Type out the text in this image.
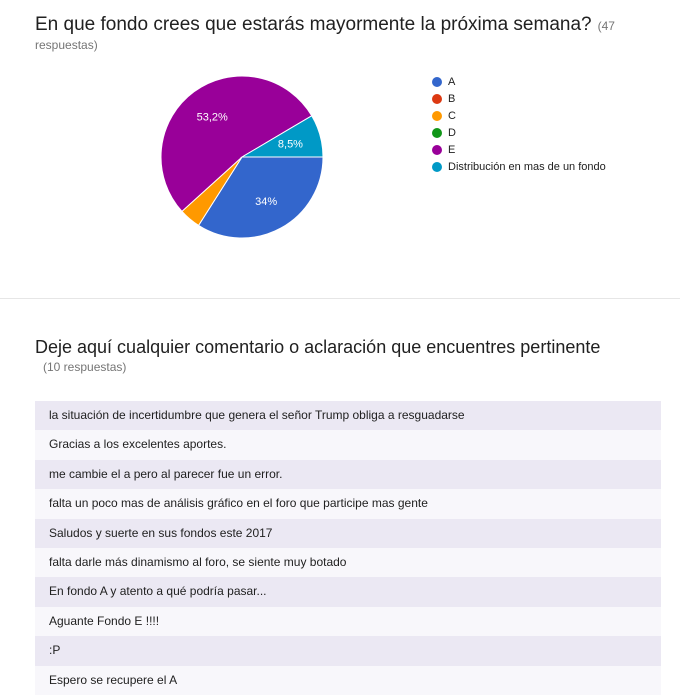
En que fondo crees que estarás mayormente la próxima semana? (47 respuestas)
34%
53,2%
8,5%
A
B
C
D
E
Distribución en mas de un fondo
Deje aquí cualquier comentario o aclaración que encuentres pertinente
(10 respuestas)
la situación de incertidumbre que genera el señor Trump obliga a resguadarse
Gracias a los excelentes aportes.
me cambie el a pero al parecer fue un error.
falta un poco mas de análisis gráfico en el foro que participe mas gente
Saludos y suerte en sus fondos este 2017
falta darle más dinamismo al foro, se siente muy botado
En fondo A y atento a qué podría pasar...
Aguante Fondo E !!!!
:P
Espero se recupere el A
